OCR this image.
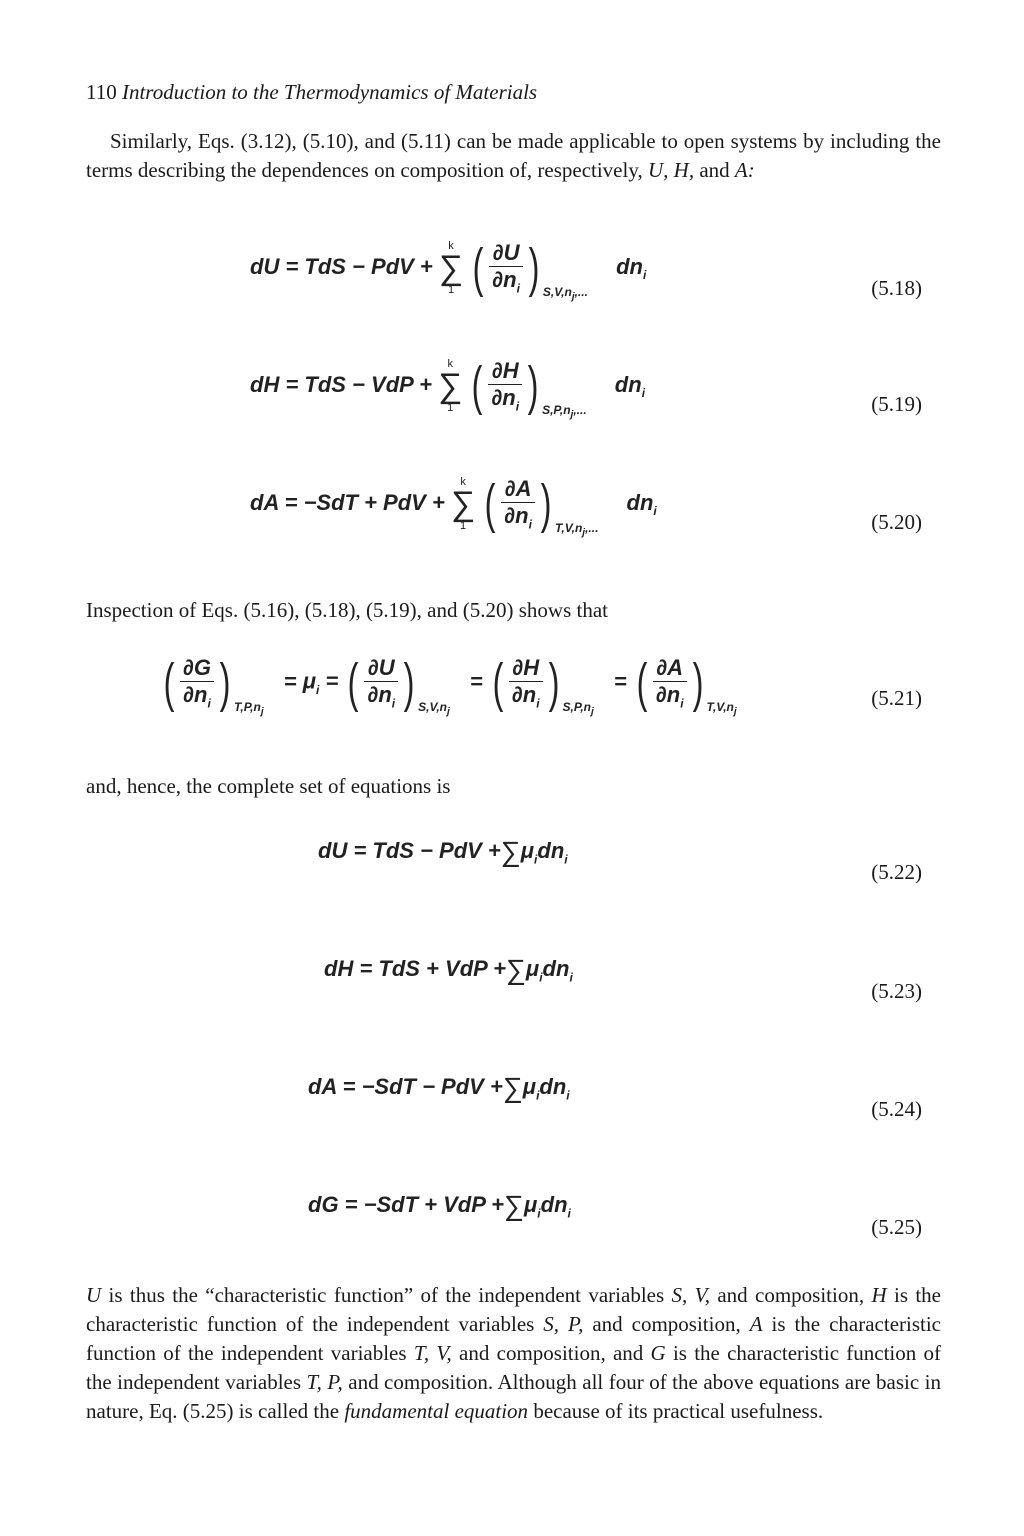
110 Introduction to the Thermodynamics of Materials
Similarly, Eqs. (3.12), (5.10), and (5.11) can be made applicable to open systems by including the terms describing the dependences on composition of, respectively, U, H, and A:
dU = TdS − PdV +
k
∑
1 ( $\frac{\partial U}{\partial n_i}$ ) $S,V,n_j$,... $dn_i$
(5.18)
dH = TdS − VdP +
k
∑
1 ( $\frac{\partial H}{\partial n_i}$ ) $S,P,n_j$,... $dn_i$	(5.19)
dA = −SdT + PdV +
k
∑
1 ( $\frac{\partial A}{\partial n_i}$ ) $T,V,n_j$,... $dn_i$	(5.20)
Inspection of Eqs. (5.16), (5.18), (5.19), and (5.20) shows that
( $\frac{\partial G}{\partial n_i}$ ) $T,P,n_j = \mu_i$ = ( $\frac{\partial U}{\partial n_i}$ ) $S,V,n_j$ = ( $\frac{\partial H}{\partial n_i}$ ) $S,P,n_j$ = ( $\frac{\partial A}{\partial n_i}$ ) $T,V,n_j$
(5.21)
and, hence, the complete set of equations is
dU = TdS − PdV $+\sum\mu_idn_i$
(5.22)
dH = TdS + VdP $+\sum\mu_idn_i$
(5.23)
dA = −SdT − PdV $+\sum\mu_idn_i$
(5.24)
dG = −SdT + VdP $+\sum\mu_idn_i$
(5.25)
U is thus the “characteristic function” of the independent variables S, V, and composition, H is the characteristic function of the independent variables S, P, and composition, A is the characteristic function of the independent variables T, V, and composition, and G is the characteristic function of the independent variables T, P, and composition. Although all four of the above equations are basic in nature, Eq. (5.25) is called the fundamental equation because of its practical usefulness.
